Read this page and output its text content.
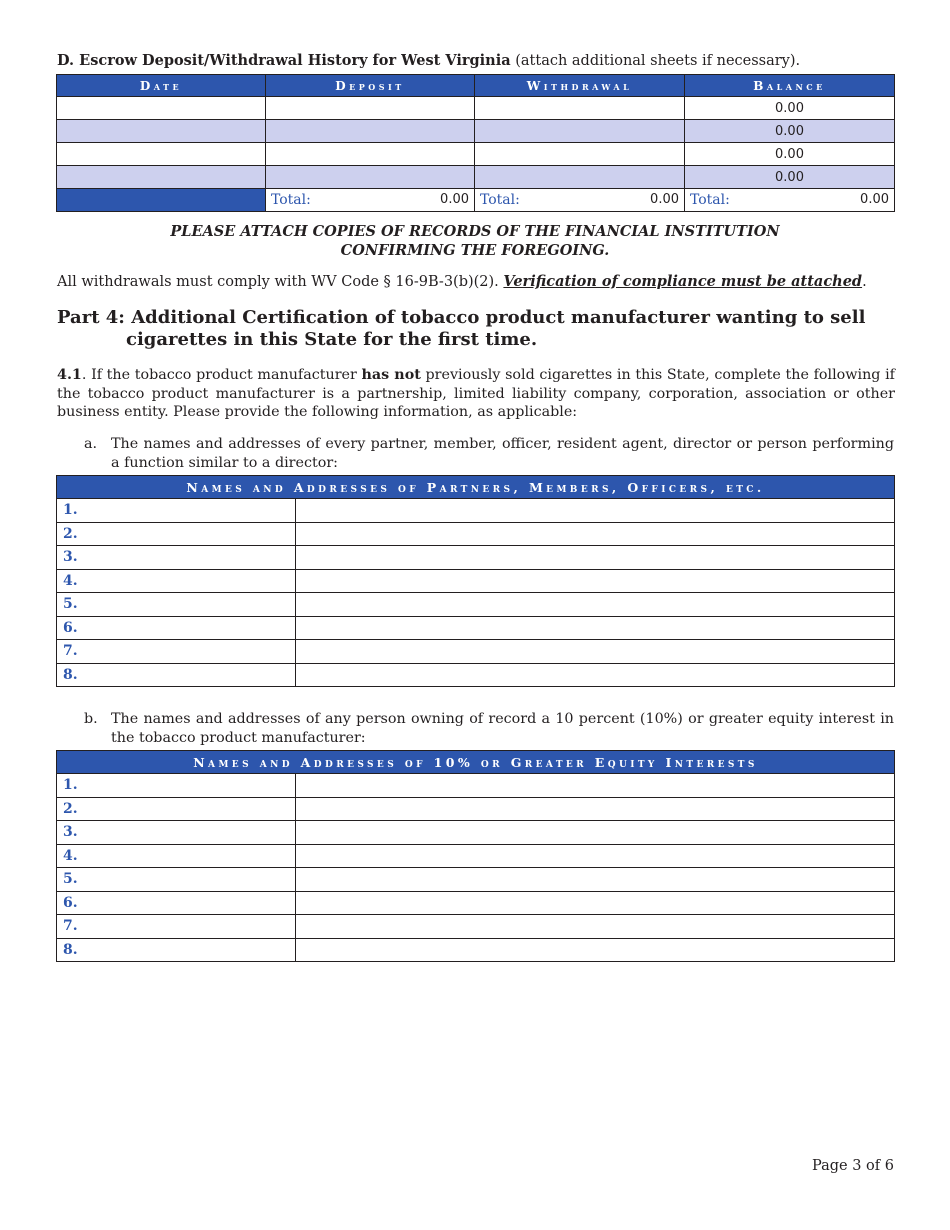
D. Escrow Deposit/Withdrawal History for West Virginia (attach additional sheets if necessary).
Date	Deposit	Withdrawal	Balance
			0.00
			0.00
			0.00
			0.00

	Total: 0.00	Total: 0.00	Total: 0.00
PLEASE ATTACH COPIES OF RECORDS OF THE FINANCIAL INSTITUTION
CONFIRMING THE FOREGOING.
All withdrawals must comply with WV Code § 16-9B-3(b)(2). Verification of compliance must be attached.
Part 4: Additional Certification of tobacco product manufacturer wanting to sell
cigarettes in this State for the first time.
4.1. If the tobacco product manufacturer has not previously sold cigarettes in this State, complete the following if the tobacco product manufacturer is a partnership, limited liability company, corporation, association or other business entity. Please provide the following information, as applicable:
a. The names and addresses of every partner, member, officer, resident agent, director or person performing a function similar to a director:
Names and Addresses of Partners, Members, Officers, etc.	
1.	
2.	
3.	
4.	
5.	
6.	
7.	
8.	
b. The names and addresses of any person owning of record a 10 percent (10%) or greater equity interest in the tobacco product manufacturer:
Names and Addresses of 10% or Greater Equity Interests	
1.	
2.	
3.	
4.	
5.	
6.	
7.	
8.	
Page 3 of 6
